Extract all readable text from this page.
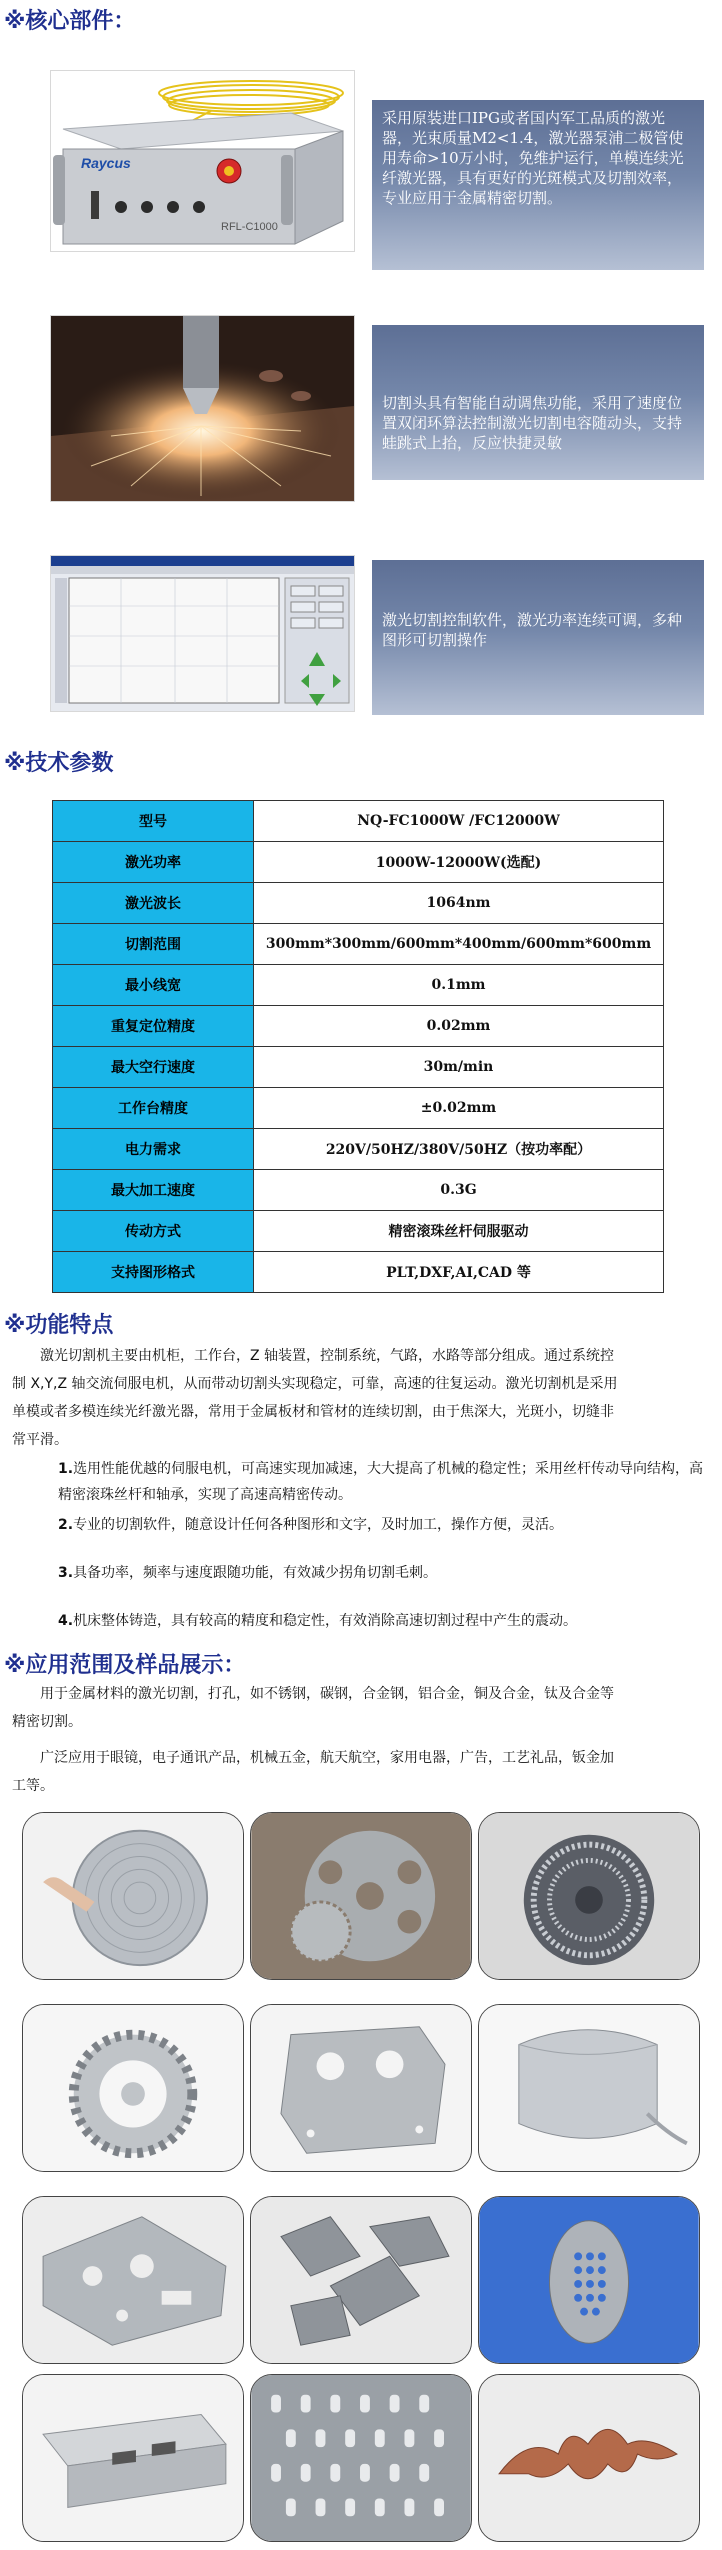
※核心部件：
Raycus
RFL-C1000
采用原装进口IPG或者国内军工品质的激光器，光束质量M2<1.4，激光器泵浦二极管使用寿命>10万小时，免维护运行，单模连续光纤激光器，具有更好的光斑模式及切割效率，专业应用于金属精密切割。
切割头具有智能自动调焦功能，采用了速度位置双闭环算法控制激光切割电容随动头，支持蛙跳式上抬，反应快捷灵敏
激光切割控制软件，激光功率连续可调，多种图形可切割操作
※技术参数
型号	NQ-FC1000W /FC12000W
激光功率	1000W-12000W(选配)
激光波长	1064nm
切割范围	300mm*300mm/600mm*400mm/600mm*600mm
最小线宽	0.1mm
重复定位精度	0.02mm
最大空行速度	30m/min
工作台精度	±0.02mm
电力需求	220V/50HZ/380V/50HZ（按功率配）
最大加工速度	0.3G
传动方式	精密滚珠丝杆伺服驱动
支持图形格式	PLT,DXF,AI,CAD 等
※功能特点
　　激光切割机主要由机柜，工作台，Z 轴装置，控制系统，气路，水路等部分组成。通过系统控
制 X,Y,Z 轴交流伺服电机，从而带动切割头实现稳定，可靠，高速的往复运动。激光切割机是采用
单模或者多模连续光纤激光器，常用于金属板材和管材的连续切割，由于焦深大，光斑小，切缝非
常平滑。
1.选用性能优越的伺服电机，可高速实现加减速，大大提高了机械的稳定性；采用丝杆传动导向结构，高精密滚珠丝杆和轴承，实现了高速高精密传动。
2.专业的切割软件，随意设计任何各种图形和文字，及时加工，操作方便，灵活。
3.具备功率，频率与速度跟随功能，有效减少拐角切割毛刺。
4.机床整体铸造，具有较高的精度和稳定性，有效消除高速切割过程中产生的震动。
※应用范围及样品展示：
　　用于金属材料的激光切割，打孔，如不锈钢，碳钢，合金钢，铝合金，铜及合金，钛及合金等
精密切割。
　　广泛应用于眼镜，电子通讯产品，机械五金，航天航空，家用电器，广告，工艺礼品，钣金加
工等。
